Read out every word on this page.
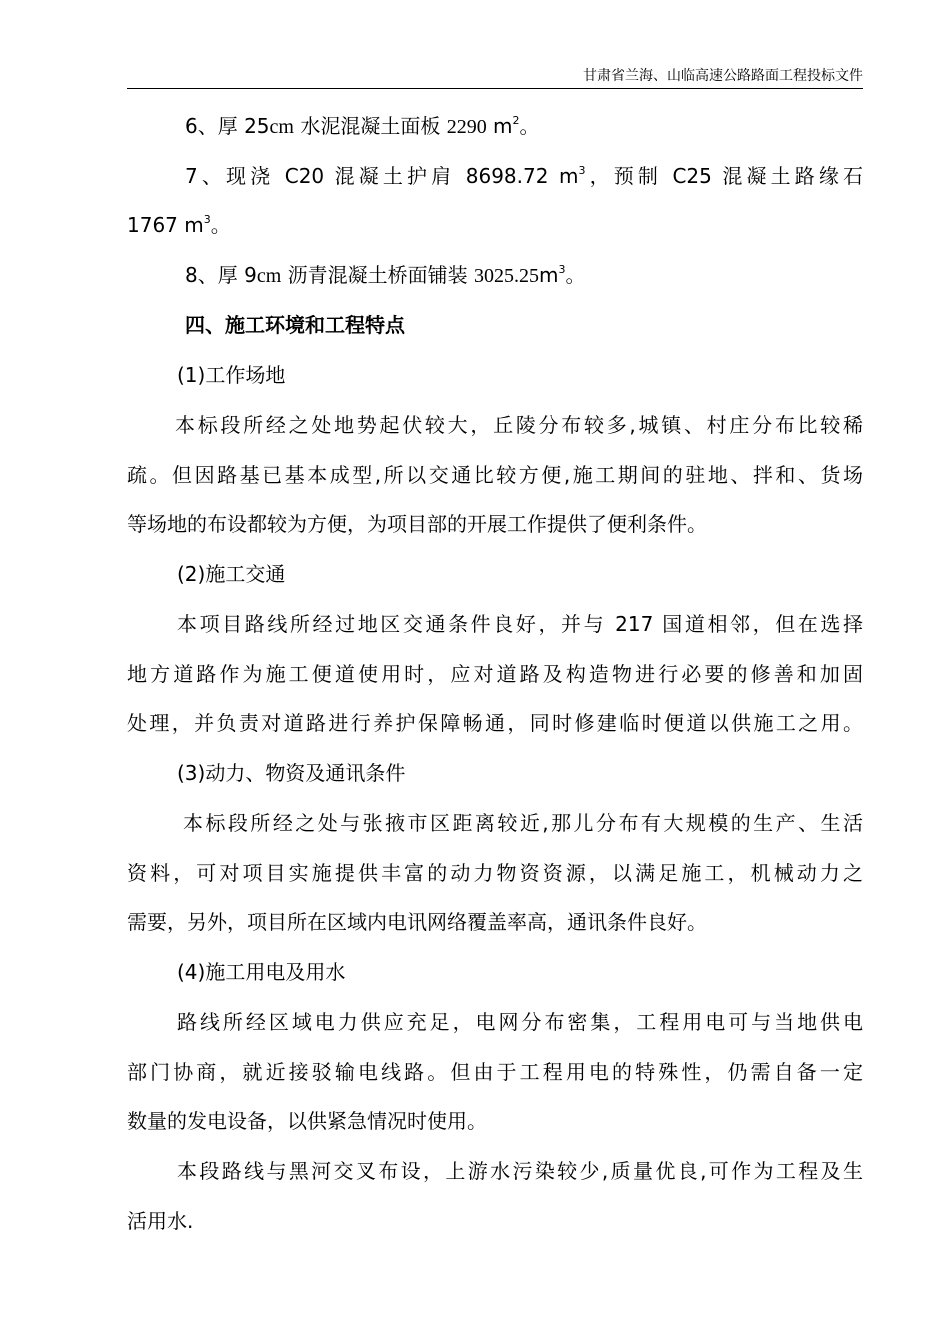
甘肃省兰海、山临高速公路路面工程投标文件
6、厚 25cm 水泥混凝土面板 2290 $m^2$。
7、现浇 C20 混凝土护肩 8698.72 $m^3$，预制 C25 混凝土路缘石
1767 $m^3$。
8、厚 9cm 沥青混凝土桥面铺装 $3025.25m^3$。
四、施工环境和工程特点
(1)工作场地
本标段所经之处地势起伏较大，丘陵分布较多,城镇、村庄分布比较稀
疏。但因路基已基本成型,所以交通比较方便,施工期间的驻地、拌和、货场
等场地的布设都较为方便，为项目部的开展工作提供了便利条件。
(2)施工交通
本项目路线所经过地区交通条件良好，并与 217 国道相邻，但在选择
地方道路作为施工便道使用时，应对道路及构造物进行必要的修善和加固
处理，并负责对道路进行养护保障畅通，同时修建临时便道以供施工之用。
(3)动力、物资及通讯条件
本标段所经之处与张掖市区距离较近,那儿分布有大规模的生产、生活
资料，可对项目实施提供丰富的动力物资资源，以满足施工，机械动力之
需要，另外，项目所在区域内电讯网络覆盖率高，通讯条件良好。
(4)施工用电及用水
路线所经区域电力供应充足，电网分布密集，工程用电可与当地供电
部门协商，就近接驳输电线路。但由于工程用电的特殊性，仍需自备一定
数量的发电设备，以供紧急情况时使用。
本段路线与黑河交叉布设，上游水污染较少,质量优良,可作为工程及生
活用水.
